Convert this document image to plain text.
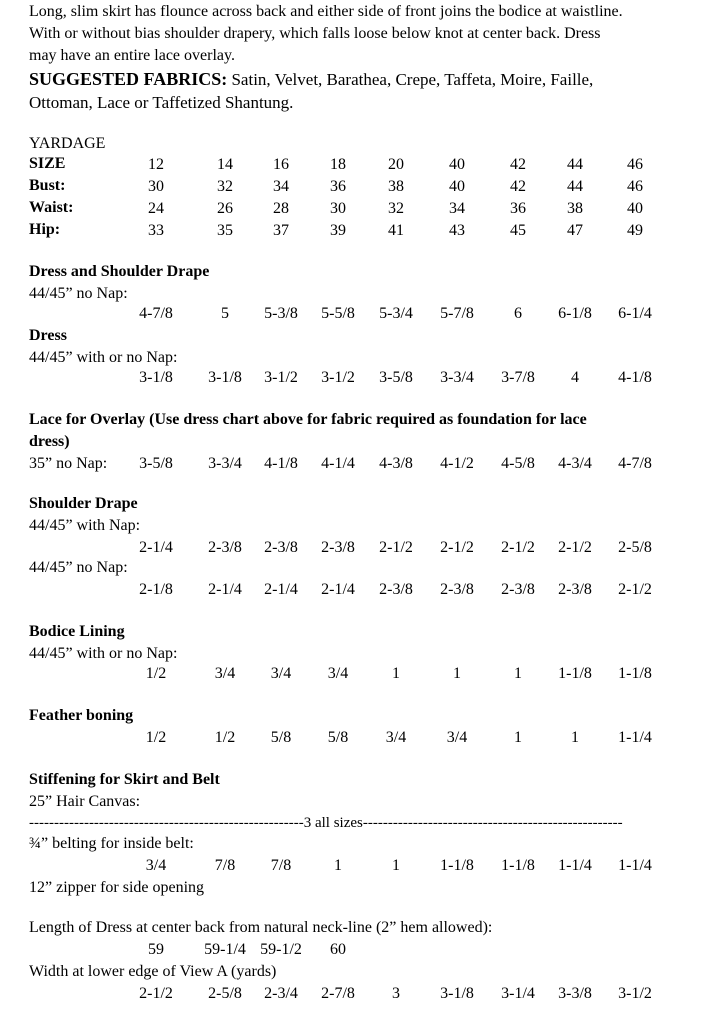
Long, slim skirt has flounce across back and either side of front joins the bodice at waistline.
With or without bias shoulder drapery, which falls loose below knot at center back. Dress
may have an entire lace overlay.
SUGGESTED FABRICS: Satin, Velvet, Barathea, Crepe, Taffeta, Moire, Faille,
Ottoman, Lace or Taffetized Shantung.
YARDAGE
SIZE	12	14	16	18	20	40	42	44	46
Bust:	30	32	34	36	38	40	42	44	46
Waist:	24	26	28	30	32	34	36	38	40
Hip:	33	35	37	39	41	43	45	47	49
Dress and Shoulder Drape
44/45” no Nap:
4-7/8	5 5-3/8 5-5/8 5-3/4 5-7/8	6 6-1/8 6-1/4
Dress
44/45” with or no Nap:
3-1/8 3-1/8 3-1/2 3-1/2 3-5/8 3-3/4 3-7/8 4 4-1/8
Lace for Overlay (Use dress chart above for fabric required as foundation for lace
dress)
35” no Nap: 3-5/8 3-3/4 4-1/8 4-1/4 4-3/8 4-1/2 4-5/8 4-3/4 4-7/8
Shoulder Drape
44/45” with Nap:
2-1/4 2-3/8 2-3/8 2-3/8 2-1/2 2-1/2 2-1/2 2-1/2 2-5/8
44/45” no Nap:
2-1/8 2-1/4 2-1/4 2-1/4 2-3/8 2-3/8 2-3/8 2-3/8 2-1/2
Bodice Lining
44/45” with or no Nap:
1/2	3/4 3/4 3/4	1	1	1 1-1/8 1-1/8
Feather boning
1/2	1/2 5/8 5/8 3/4	3/4	1	1 1-1/4
Stiffening for Skirt and Belt
25” Hair Canvas:
-------------------------------------------------------3 all sizes----------------------------------------------------
¾” belting for inside belt:
3/4	7/8 7/8	1	1	1-1/8 1-1/8 1-1/4 1-1/4
12” zipper for side opening
Length of Dress at center back from natural neck-line (2” hem allowed):
59	59-1/4 59-1/2 60
Width at lower edge of View A (yards)
2-1/2 2-5/8 2-3/4 2-7/8 3	3-1/8 3-1/4 3-3/8 3-1/2
